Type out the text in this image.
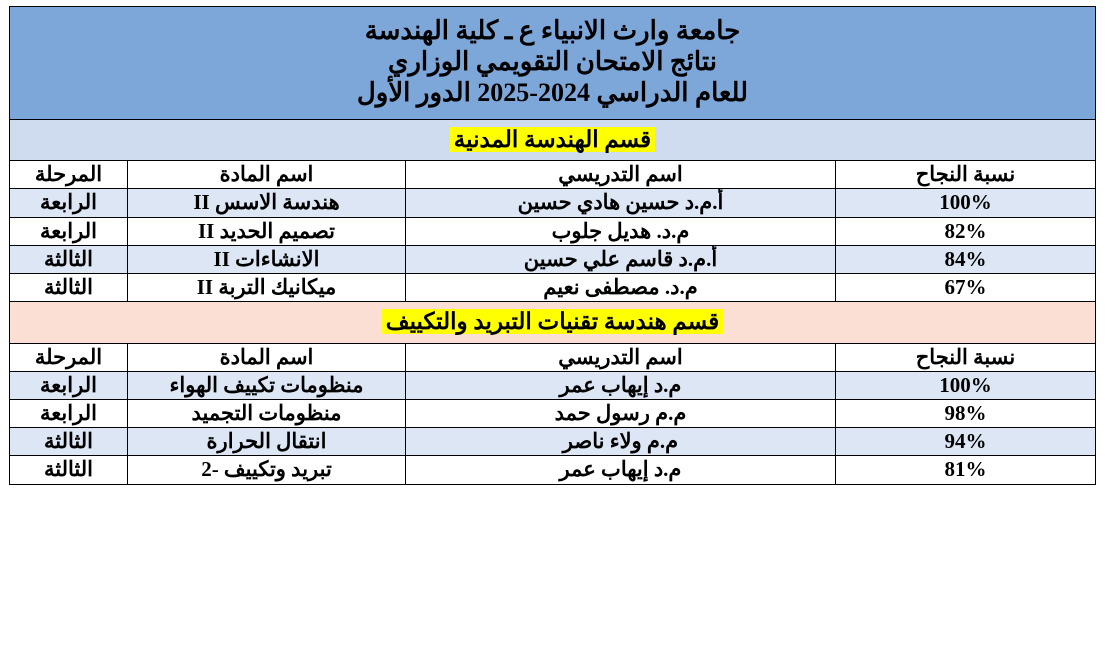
جامعة وارث الانبياء ع ـ كلية الهندسة
نتائج الامتحان التقويمي الوزاري
للعام الدراسي 2024-2025 الدور الأول			

قسم الهندسة المدنية			
نسبة النجاح	اسم التدريسي	اسم المادة	المرحلة
100%	أ.م.د حسين هادي حسين	هندسة الاسس II	الرابعة
82%	م.د. هديل جلوب	تصميم الحديد II	الرابعة
84%	أ.م.د قاسم علي حسين	الانشاءات II	الثالثة
67%	م.د. مصطفى نعيم	ميكانيك التربة II	الثالثة
قسم هندسة تقنيات التبريد والتكييف			
نسبة النجاح	اسم التدريسي	اسم المادة	المرحلة
100%	م.د إيهاب عمر	منظومات تكييف الهواء	الرابعة
98%	م.م رسول حمد	منظومات التجميد	الرابعة
94%	م.م ولاء ناصر	انتقال الحرارة	الثالثة
81%	م.د إيهاب عمر	تبريد وتكييف -2	الثالثة
